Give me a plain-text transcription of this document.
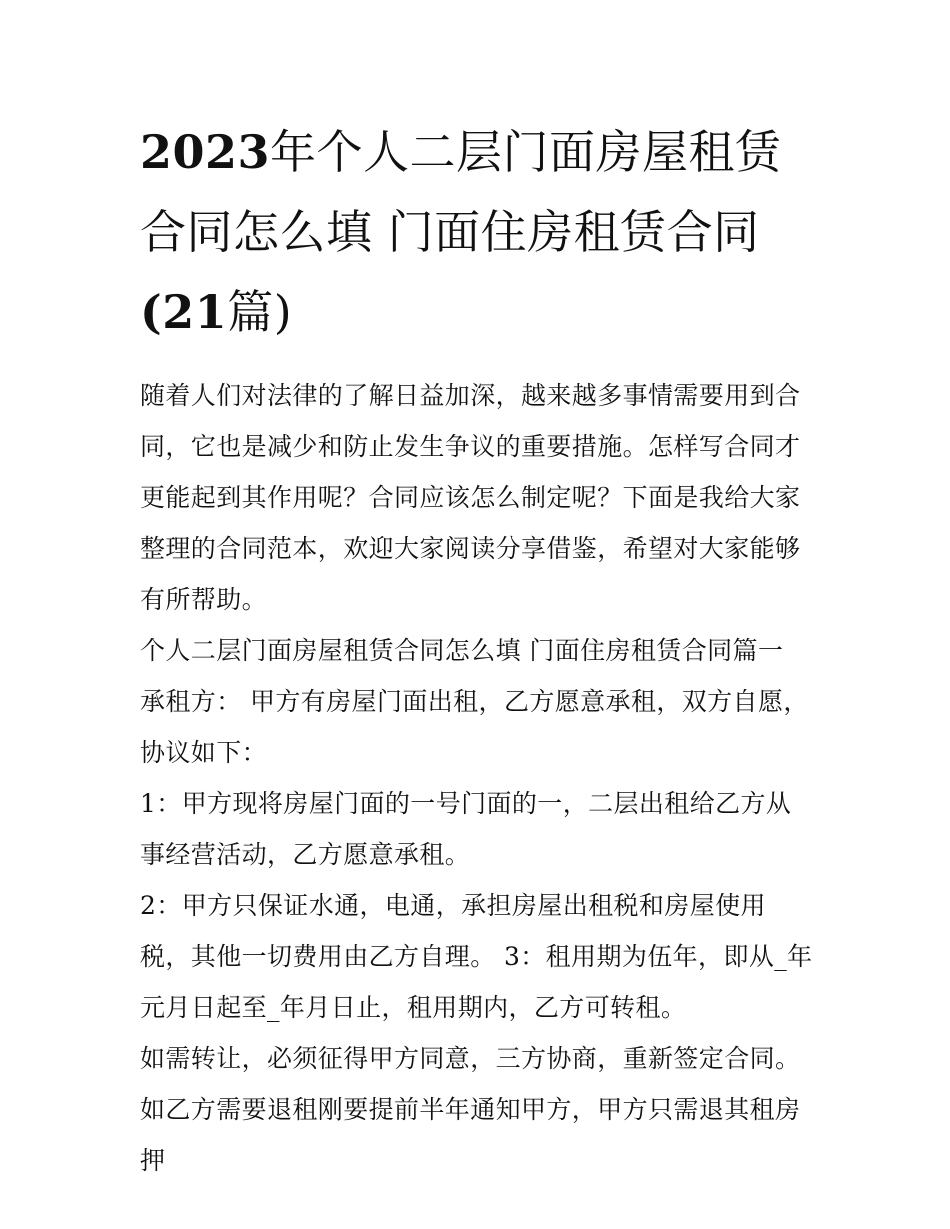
2023年个人二层门面房屋租赁
合同怎么填 门面住房租赁合同
(21篇)

随着人们对法律的了解日益加深，越来越多事情需要用到合同，它也是减少和防止发生争议的重要措施。怎样写合同才更能起到其作用呢？合同应该怎么制定呢？下面是我给大家整理的合同范本，欢迎大家阅读分享借鉴，希望对大家能够有所帮助。

个人二层门面房屋租赁合同怎么填 门面住房租赁合同篇一 承租方： 甲方有房屋门面出租，乙方愿意承租，双方自愿，协议如下：

1：甲方现将房屋门面的一号门面的一，二层出租给乙方从事经营活动，乙方愿意承租。

2：甲方只保证水通，电通，承担房屋出租税和房屋使用税，其他一切费用由乙方自理。 3：租用期为伍年，即从_年元月日起至_年月日止，租用期内，乙方可转租。

如需转让，必须征得甲方同意，三方协商，重新签定合同。

如乙方需要退租刚要提前半年通知甲方，甲方只需退其租房押
